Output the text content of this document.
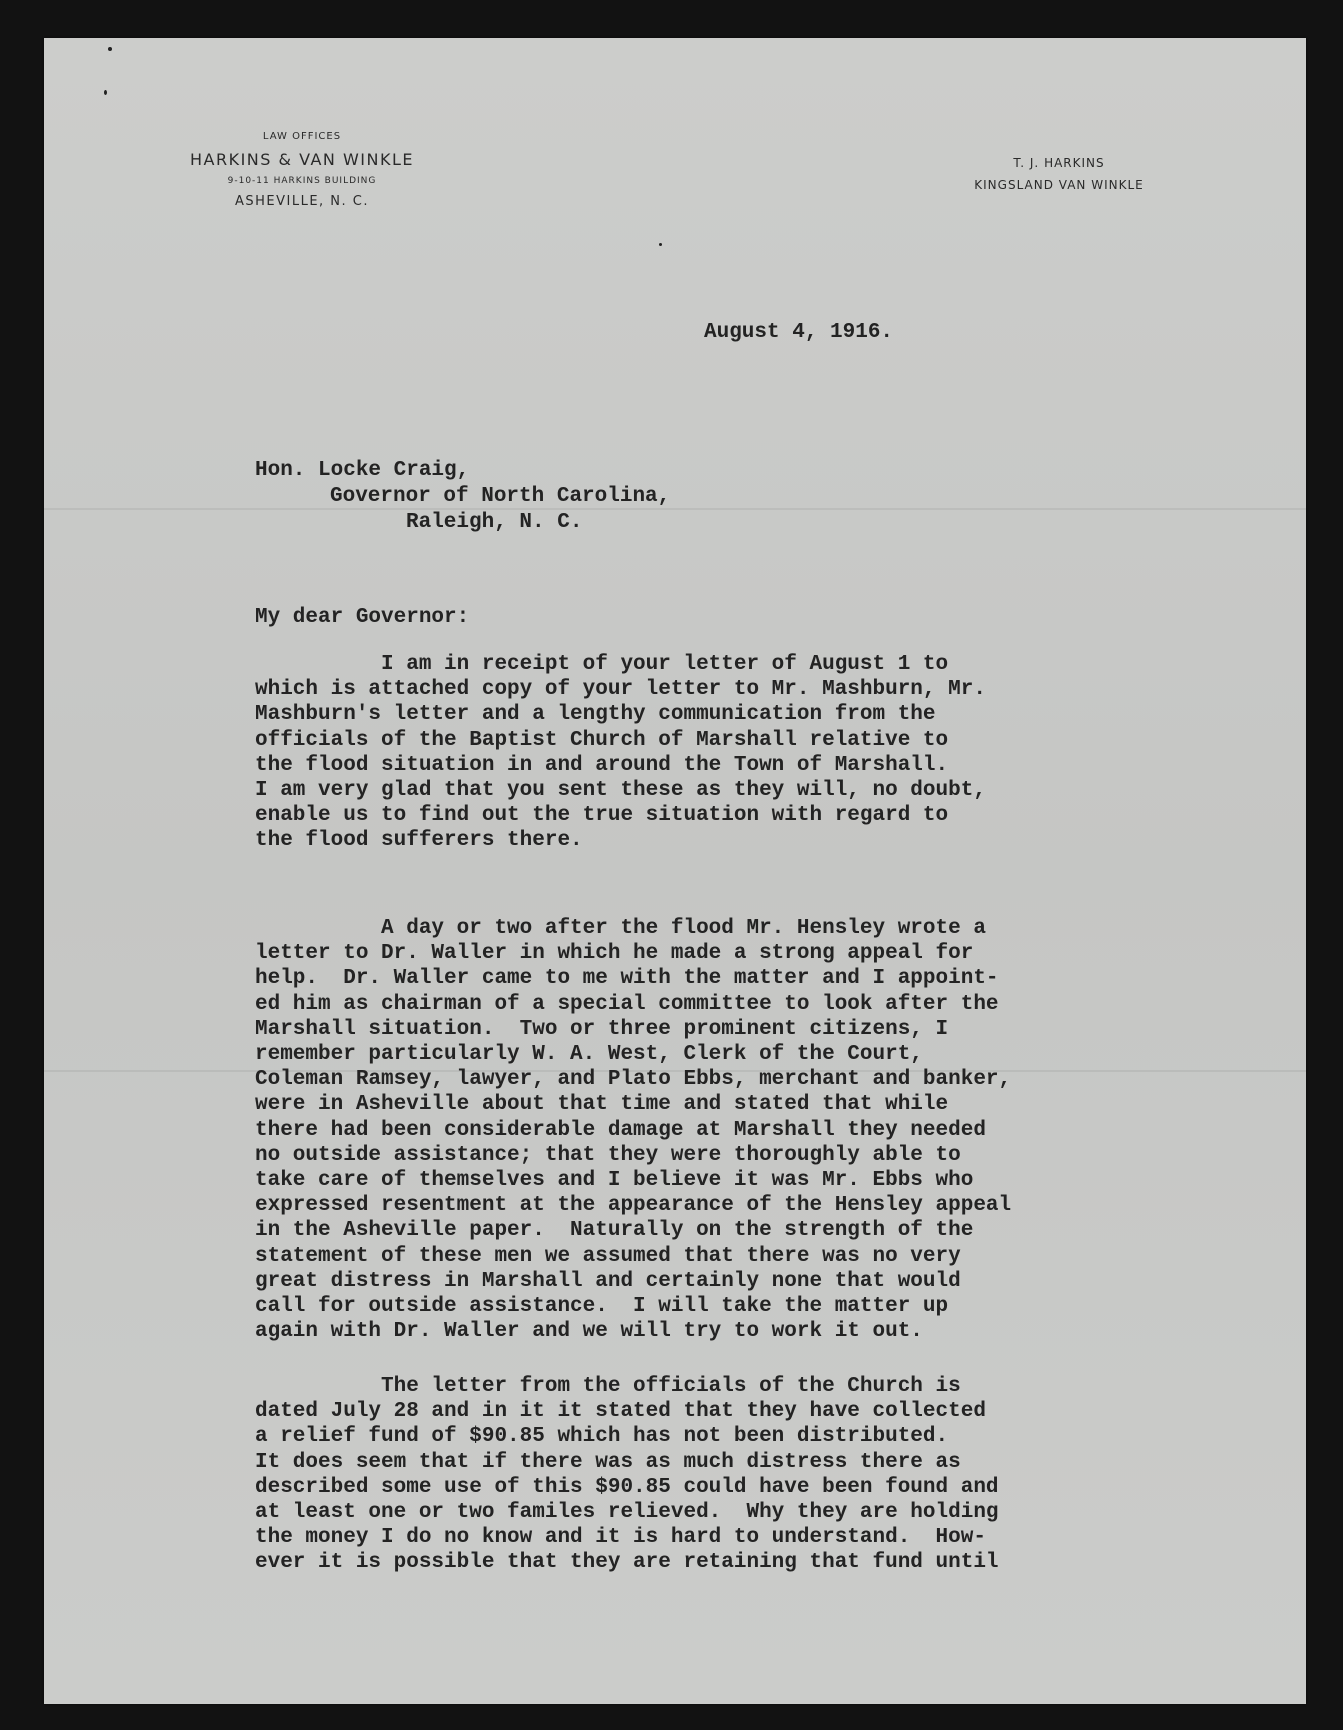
LAW OFFICES
HARKINS & VAN WINKLE
9-10-11 HARKINS BUILDING
ASHEVILLE, N. C.
T. J. HARKINS
KINGSLAND VAN WINKLE
August 4, 1916.
Hon. Locke Craig,
Governor of North Carolina,
Raleigh, N. C.
My dear Governor:
I am in receipt of your letter of August 1 to
which is attached copy of your letter to Mr. Mashburn, Mr.
Mashburn's letter and a lengthy communication from the
officials of the Baptist Church of Marshall relative to
the flood situation in and around the Town of Marshall.
I am very glad that you sent these as they will, no doubt,
enable us to find out the true situation with regard to
the flood sufferers there.
A day or two after the flood Mr. Hensley wrote a
letter to Dr. Waller in which he made a strong appeal for
help.  Dr. Waller came to me with the matter and I appoint-
ed him as chairman of a special committee to look after the
Marshall situation.  Two or three prominent citizens, I
remember particularly W. A. West, Clerk of the Court,
Coleman Ramsey, lawyer, and Plato Ebbs, merchant and banker,
were in Asheville about that time and stated that while
there had been considerable damage at Marshall they needed
no outside assistance; that they were thoroughly able to
take care of themselves and I believe it was Mr. Ebbs who
expressed resentment at the appearance of the Hensley appeal
in the Asheville paper.  Naturally on the strength of the
statement of these men we assumed that there was no very
great distress in Marshall and certainly none that would
call for outside assistance.  I will take the matter up
again with Dr. Waller and we will try to work it out.
The letter from the officials of the Church is
dated July 28 and in it it stated that they have collected
a relief fund of $90.85 which has not been distributed.
It does seem that if there was as much distress there as
described some use of this $90.85 could have been found and
at least one or two familes relieved.  Why they are holding
the money I do no know and it is hard to understand.  How-
ever it is possible that they are retaining that fund until
